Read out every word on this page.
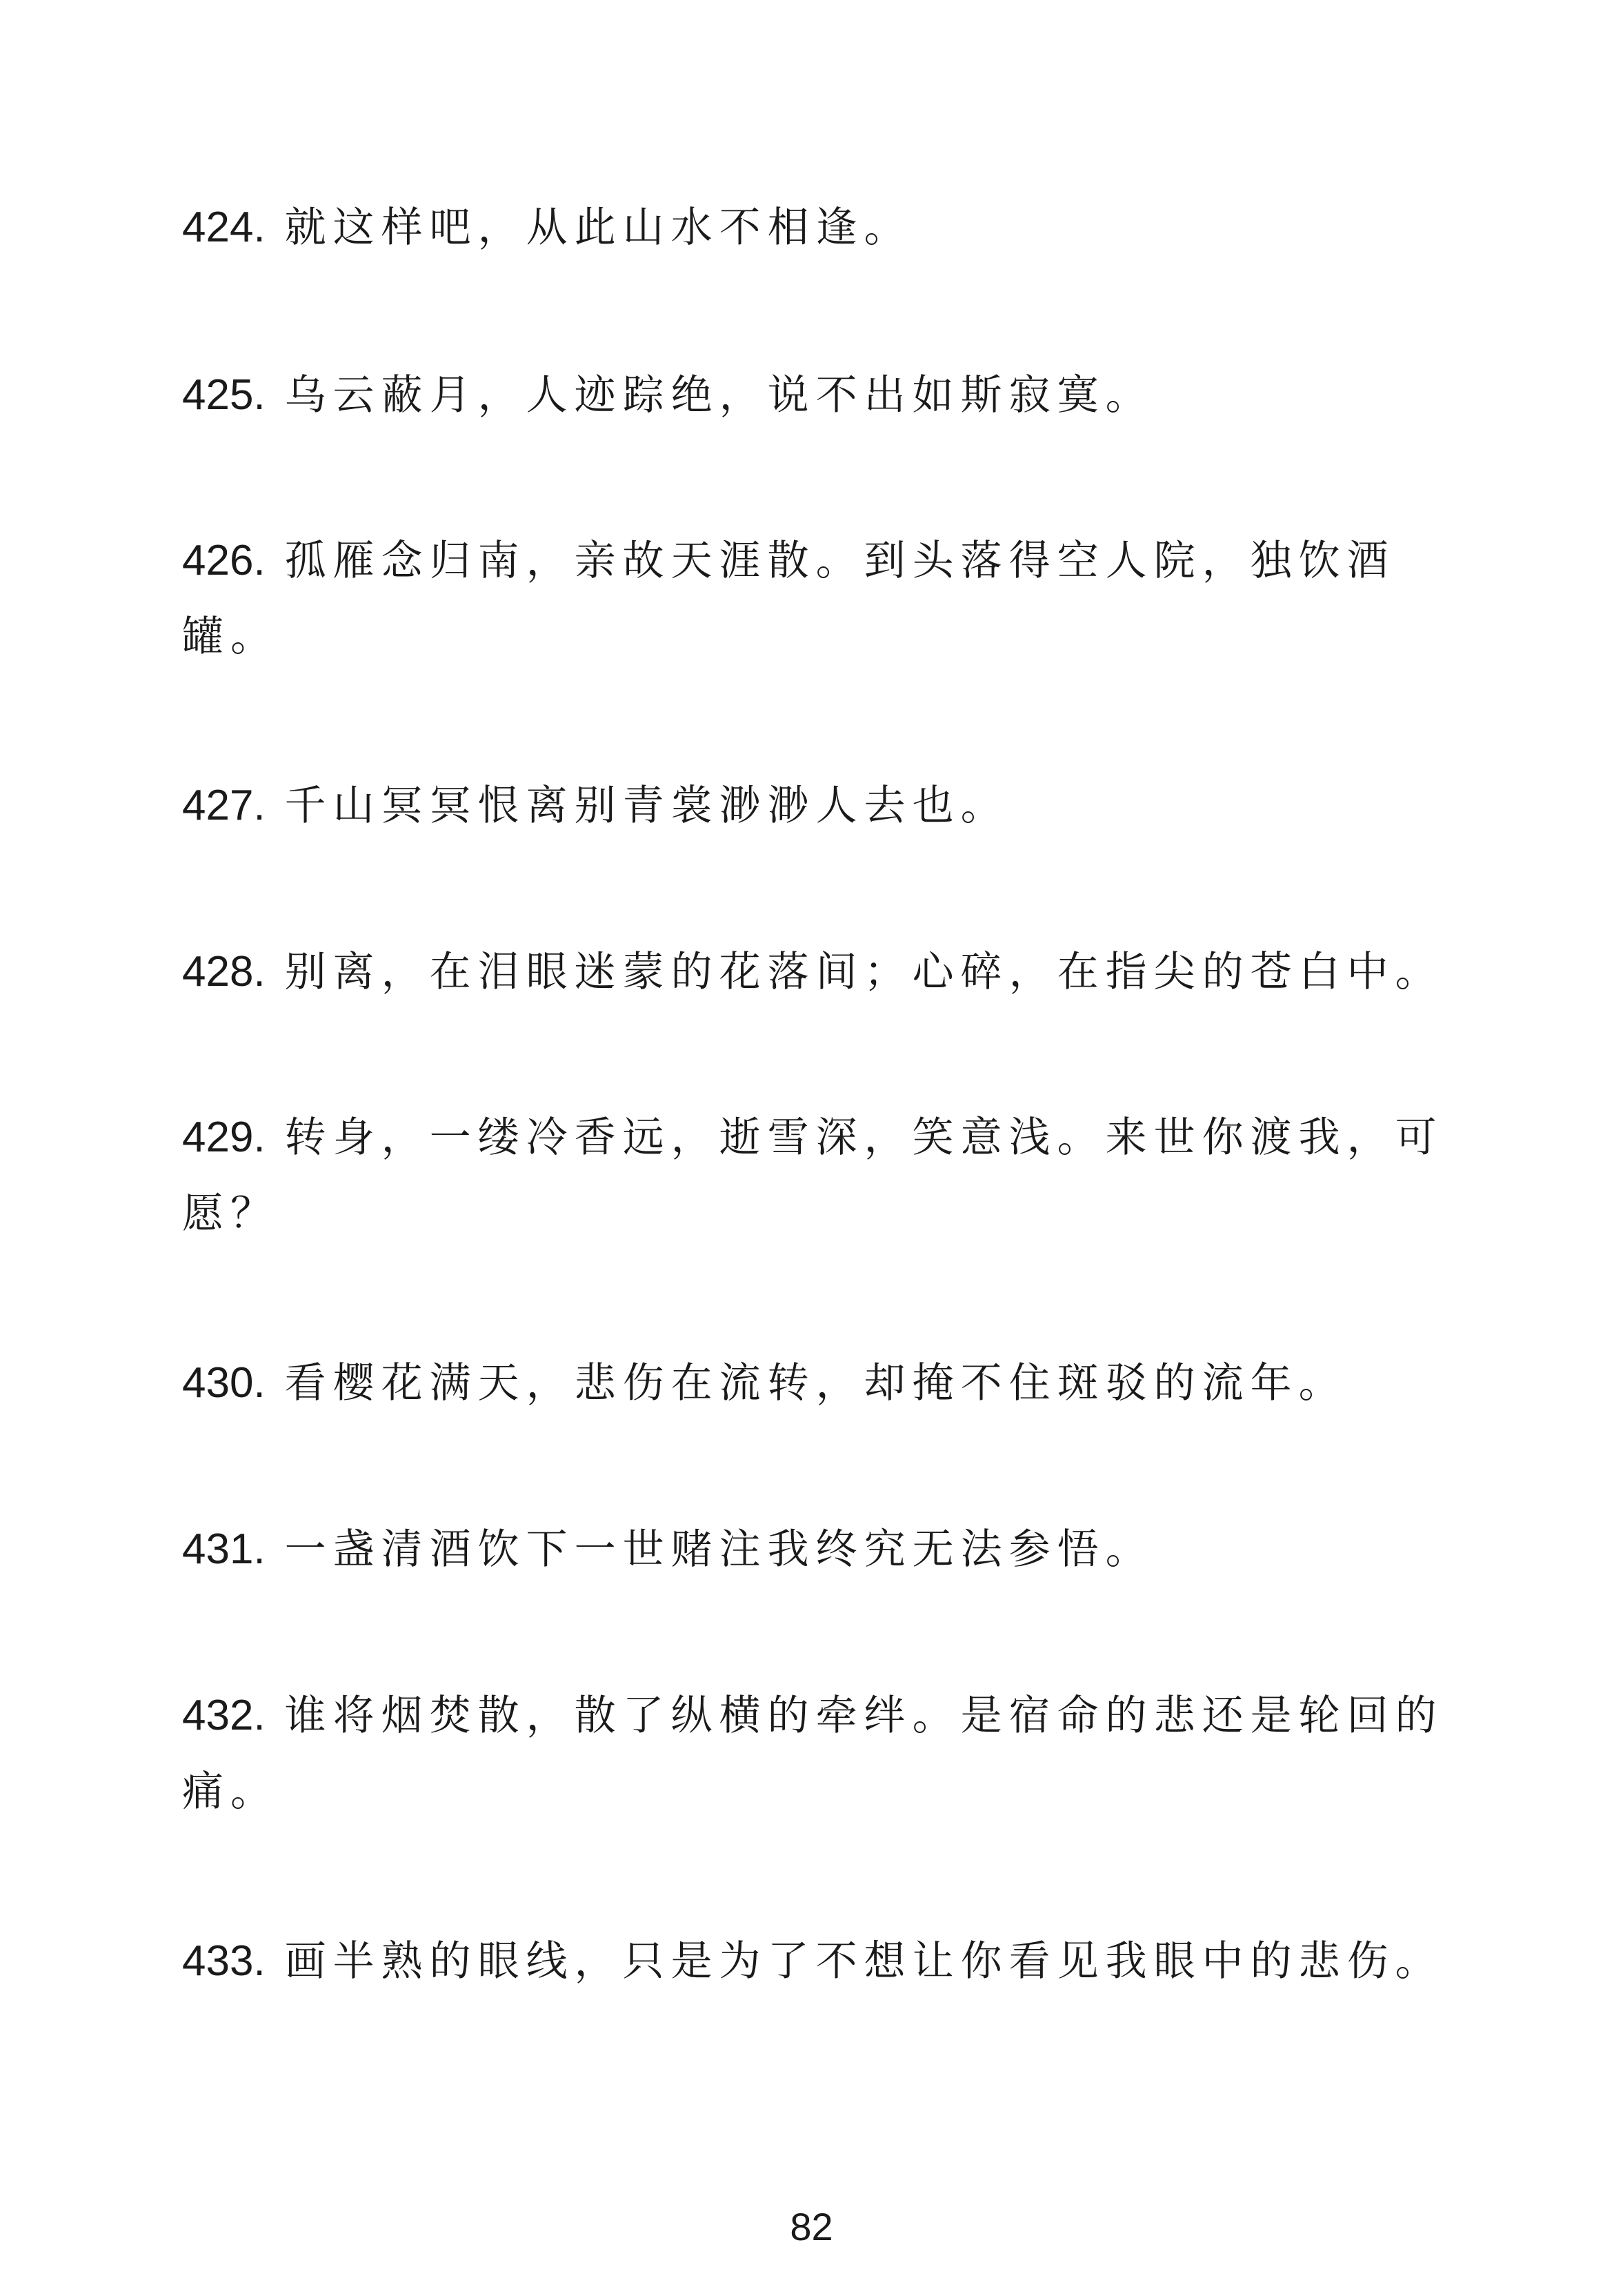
424. 就这样吧，从此山水不相逢。
425. 乌云蔽月，人迹踪绝，说不出如斯寂寞。
426. 孤雁念归南，亲故天涯散。到头落得空人院，独饮酒罐。
427. 千山冥冥恨离别青裳渺渺人去也。
428. 别离，在泪眼迷蒙的花落间；心碎，在指尖的苍白中。
429. 转身，一缕冷香远，逝雪深，笑意浅。来世你渡我，可愿？
430. 看樱花满天，悲伤在流转，却掩不住斑驳的流年。
431. 一盏清酒饮下一世赌注我终究无法参悟。
432. 谁将烟焚散，散了纵横的牵绊。是宿命的悲还是轮回的痛。
433. 画半熟的眼线，只是为了不想让你看见我眼中的悲伤。
82
